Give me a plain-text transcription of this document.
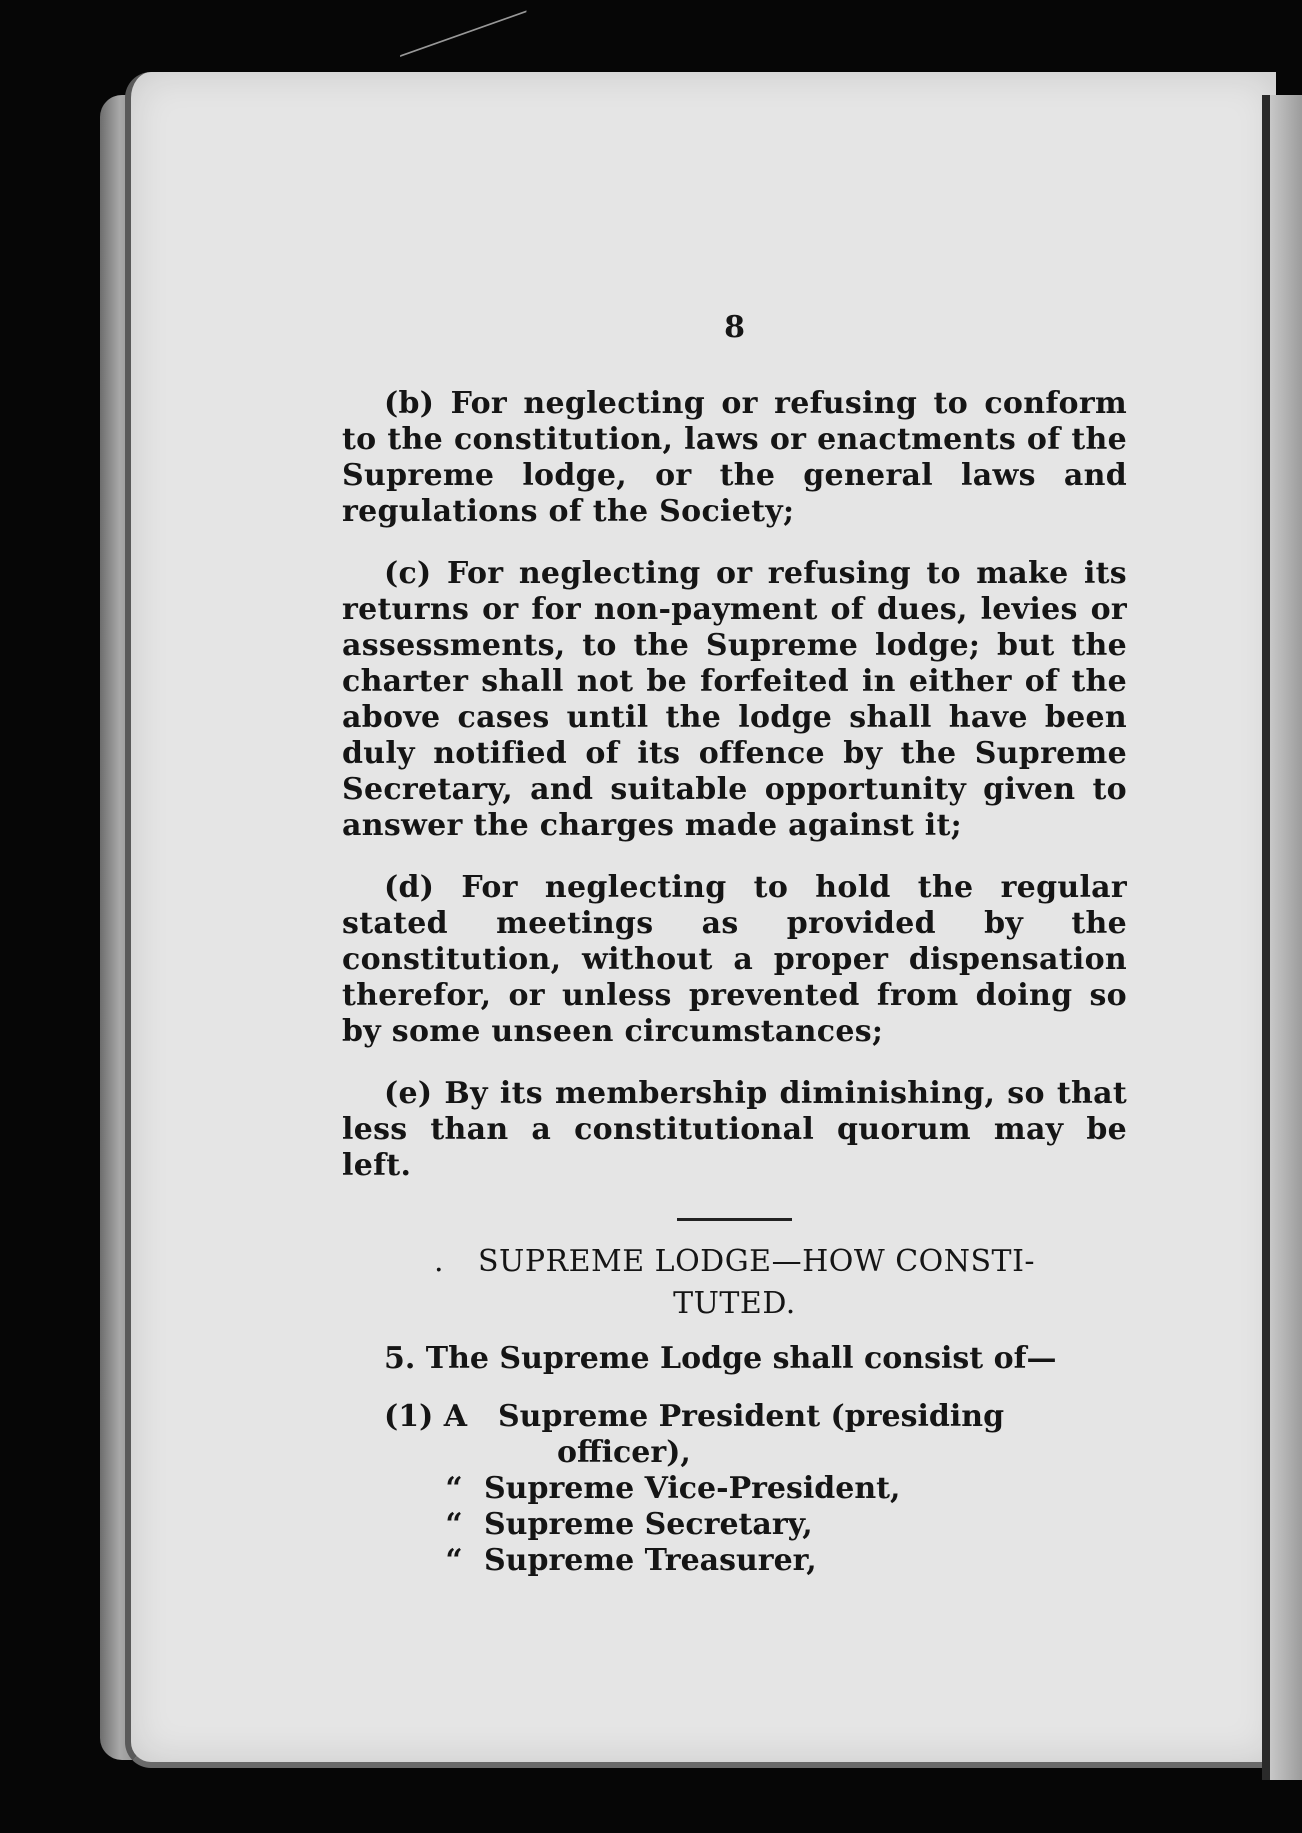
8

(b) For neglecting or refusing to conform to the constitution, laws or enactments of the Supreme lodge, or the general laws and regulations of the Society;

(c) For neglecting or refusing to make its returns or for non-payment of dues, levies or assessments, to the Supreme lodge; but the charter shall not be forfeited in either of the above cases until the lodge shall have been duly notified of its offence by the Supreme Secretary, and suitable opportunity given to answer the charges made against it;

(d) For neglecting to hold the regular stated meetings as provided by the constitution, without a proper dispensation therefor, or unless prevented from doing so by some unseen circumstances;

(e) By its membership diminishing, so that less than a constitutional quorum may be left.

. SUPREME LODGE—HOW CONSTI-
TUTED.
5. The Supreme Lodge shall consist of—
(1) A Supreme President (presiding
officer),
“ Supreme Vice-President,
“ Supreme Secretary,
“ Supreme Treasurer,
